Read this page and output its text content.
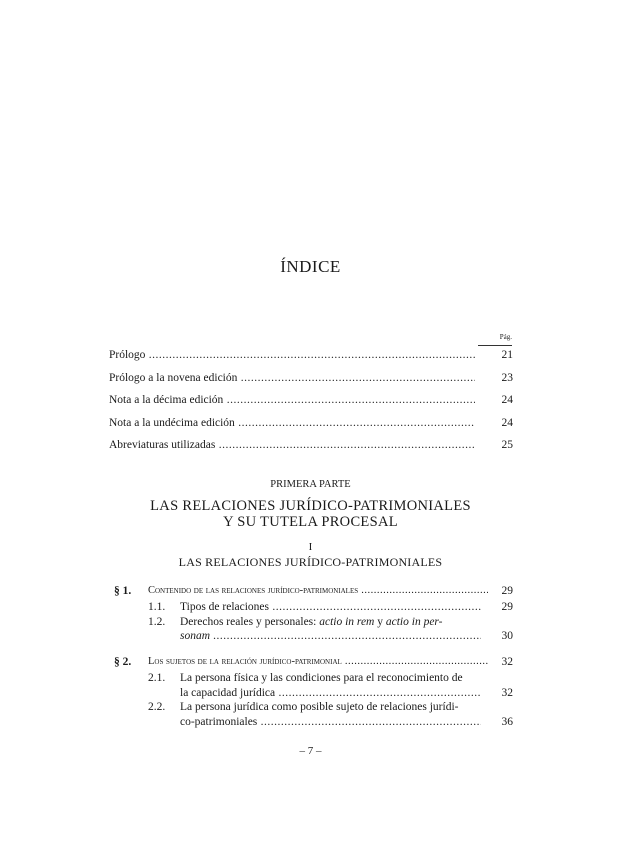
ÍNDICE
Pág.
Prólogo .....	21
Prólogo a la novena edición .....	23
Nota a la décima edición .....	24
Nota a la undécima edición .....	24
Abreviaturas utilizadas .....	25
PRIMERA PARTE
LAS RELACIONES JURÍDICO-PATRIMONIALES
Y SU TUTELA PROCESAL
I
LAS RELACIONES JURÍDICO-PATRIMONIALES
§ 1. Contenido de las relaciones jurídico-patrimoniales .....	29
1.1. Tipos de relaciones .....	29
1.2. Derechos reales y personales: actio in rem y actio in per-
sonam .....	30
§ 2. Los sujetos de la relación jurídico-patrimonial .....	32
2.1. La persona física y las condiciones para el reconocimiento de
la capacidad jurídica .....	32
2.2. La persona jurídica como posible sujeto de relaciones jurídi-
co-patrimoniales .....	36
– 7 –
